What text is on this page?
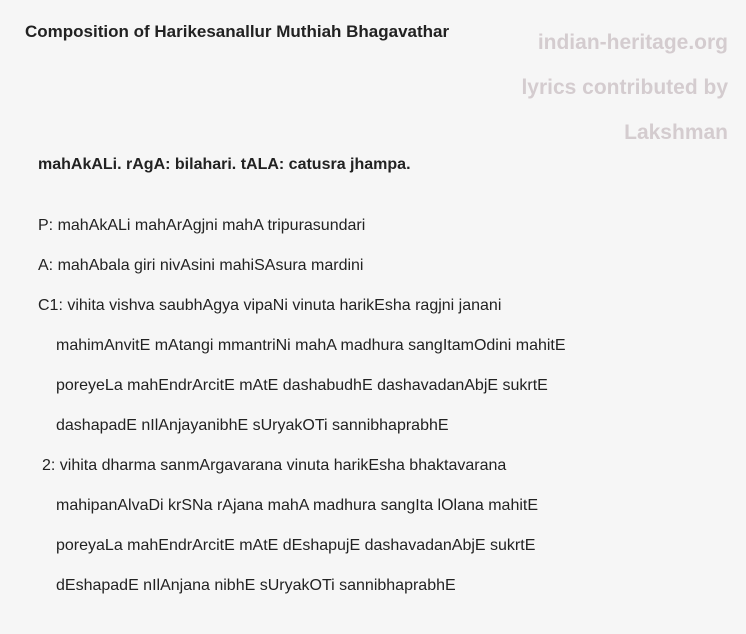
Composition of Harikesanallur Muthiah Bhagavathar	indian-heritage.org
lyrics contributed by
Lakshman
mahAkALi. rAgA: bilahari. tALA: catusra jhampa.
P: mahAkALi mahArAgjni mahA tripurasundari
A: mahAbala giri nivAsini mahiSAsura mardini
C1: vihita vishva saubhAgya vipaNi vinuta harikEsha ragjni janani
mahimAnvitE mAtangi mmantriNi mahA madhura sangItamOdini mahitE
poreyeLa mahEndrArcitE mAtE dashabudhE dashavadanAbjE sukrtE
dashapadE nIlAnjayanibhE sUryakOTi sannibhaprabhE
2: vihita dharma sanmArgavarana vinuta harikEsha bhaktavarana
mahipanAlvaDi krSNa rAjana mahA madhura sangIta lOlana mahitE
poreyaLa mahEndrArcitE mAtE dEshapujE dashavadanAbjE sukrtE
dEshapadE nIlAnjana nibhE sUryakOTi sannibhaprabhE
